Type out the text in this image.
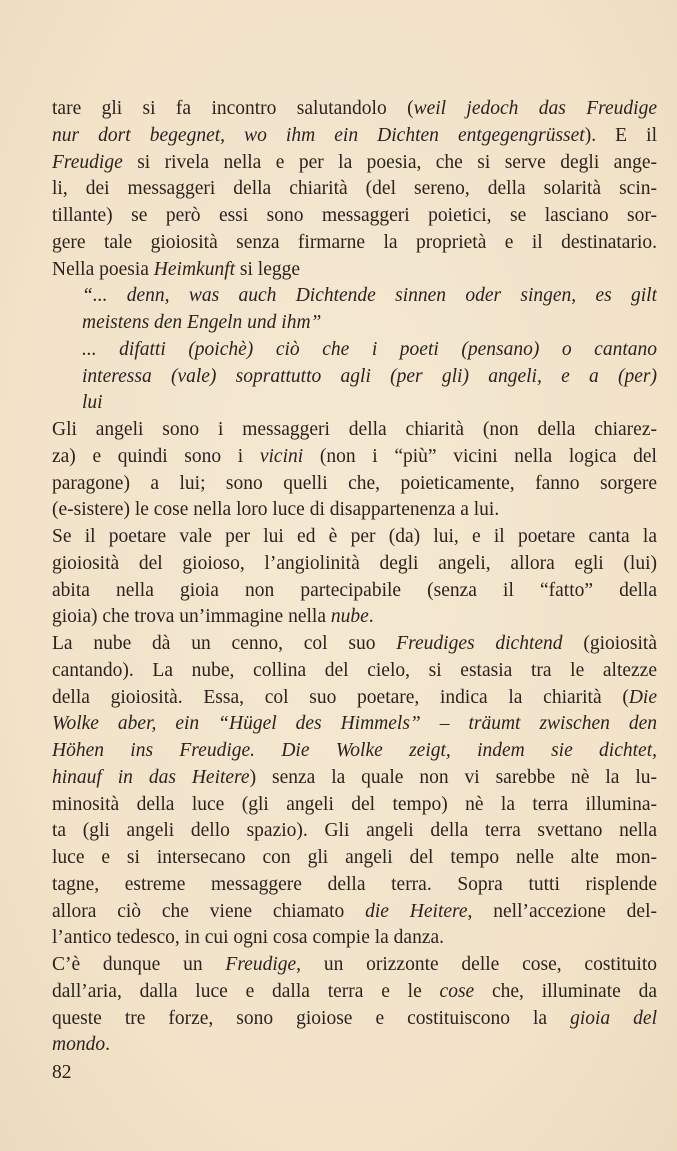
tare gli si fa incontro salutandolo (weil jedoch das Freudige
nur dort begegnet, wo ihm ein Dichten entgegengrüsset). E il
Freudige si rivela nella e per la poesia, che si serve degli ange-
li, dei messaggeri della chiarità (del sereno, della solarità scin-
tillante) se però essi sono messaggeri poietici, se lasciano sor-
gere tale gioiosità senza firmarne la proprietà e il destinatario.
Nella poesia Heimkunft si legge
“... denn, was auch Dichtende sinnen oder singen, es gilt
meistens den Engeln und ihm”
... difatti (poichè) ciò che i poeti (pensano) o cantano
interessa (vale) soprattutto agli (per gli) angeli, e a (per)
lui
Gli angeli sono i messaggeri della chiarità (non della chiarez-
za) e quindi sono i vicini (non i “più” vicini nella logica del
paragone) a lui; sono quelli che, poieticamente, fanno sorgere
(e-sistere) le cose nella loro luce di disappartenenza a lui.
Se il poetare vale per lui ed è per (da) lui, e il poetare canta la
gioiosità del gioioso, l’angiolinità degli angeli, allora egli (lui)
abita nella gioia non partecipabile (senza il “fatto” della
gioia) che trova un’immagine nella nube.
La nube dà un cenno, col suo Freudiges dichtend (gioiosità
cantando). La nube, collina del cielo, si estasia tra le altezze
della gioiosità. Essa, col suo poetare, indica la chiarità (Die
Wolke aber, ein “Hügel des Himmels” – träumt zwischen den
Höhen ins Freudige. Die Wolke zeigt, indem sie dichtet,
hinauf in das Heitere) senza la quale non vi sarebbe nè la lu-
minosità della luce (gli angeli del tempo) nè la terra illumina-
ta (gli angeli dello spazio). Gli angeli della terra svettano nella
luce e si intersecano con gli angeli del tempo nelle alte mon-
tagne, estreme messaggere della terra. Sopra tutti risplende
allora ciò che viene chiamato die Heitere, nell’accezione del-
l’antico tedesco, in cui ogni cosa compie la danza.
C’è dunque un Freudige, un orizzonte delle cose, costituito
dall’aria, dalla luce e dalla terra e le cose che, illuminate da
queste tre forze, sono gioiose e costituiscono la gioia del
mondo.
82
